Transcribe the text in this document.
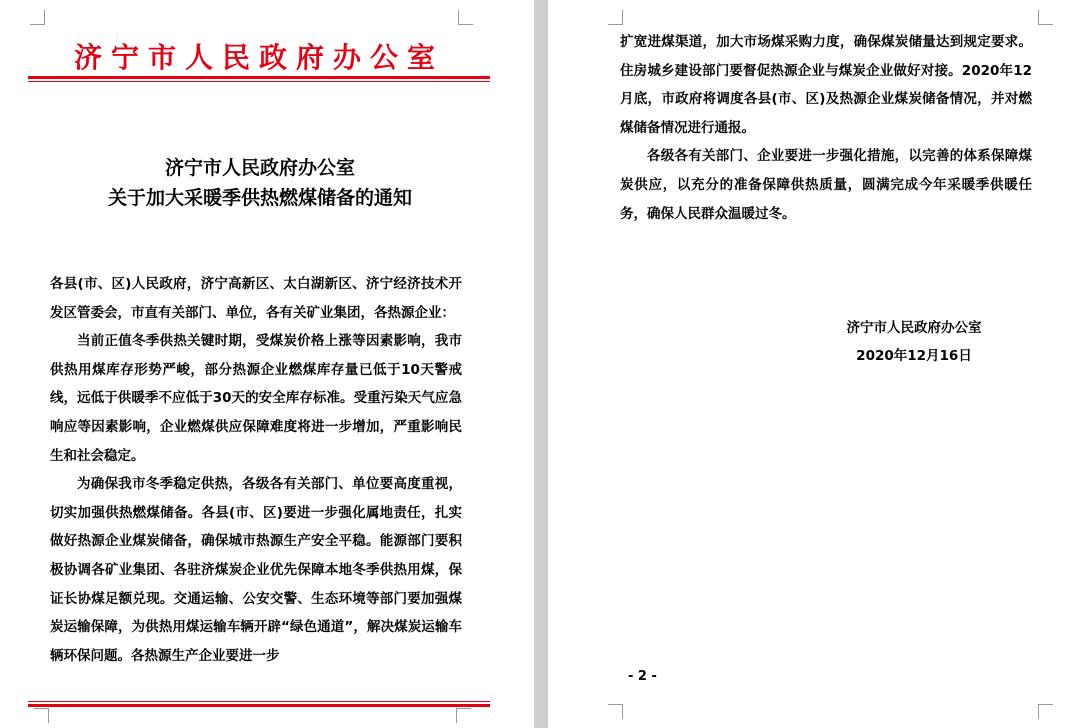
济宁市人民政府办公室
济宁市人民政府办公室
关于加大采暖季供热燃煤储备的通知

各县(市、区)人民政府，济宁高新区、太白湖新区、济宁经济技术开发区管委会，市直有关部门、单位，各有关矿业集团，各热源企业：

当前正值冬季供热关键时期，受煤炭价格上涨等因素影响，我市供热用煤库存形势严峻，部分热源企业燃煤库存量已低于10天警戒线，远低于供暖季不应低于30天的安全库存标准。受重污染天气应急响应等因素影响，企业燃煤供应保障难度将进一步增加，严重影响民生和社会稳定。

为确保我市冬季稳定供热，各级各有关部门、单位要高度重视，切实加强供热燃煤储备。各县(市、区)要进一步强化属地责任，扎实做好热源企业煤炭储备，确保城市热源生产安全平稳。能源部门要积极协调各矿业集团、各驻济煤炭企业优先保障本地冬季供热用煤，保证长协煤足额兑现。交通运输、公安交警、生态环境等部门要加强煤炭运输保障，为供热用煤运输车辆开辟“绿色通道”，解决煤炭运输车辆环保问题。各热源生产企业要进一步

扩宽进煤渠道，加大市场煤采购力度，确保煤炭储量达到规定要求。住房城乡建设部门要督促热源企业与煤炭企业做好对接。2020年12月底，市政府将调度各县(市、区)及热源企业煤炭储备情况，并对燃煤储备情况进行通报。

各级各有关部门、企业要进一步强化措施，以完善的体系保障煤炭供应，以充分的准备保障供热质量，圆满完成今年采暖季供暖任务，确保人民群众温暖过冬。

济宁市人民政府办公室
2020年12月16日
- 2 -
